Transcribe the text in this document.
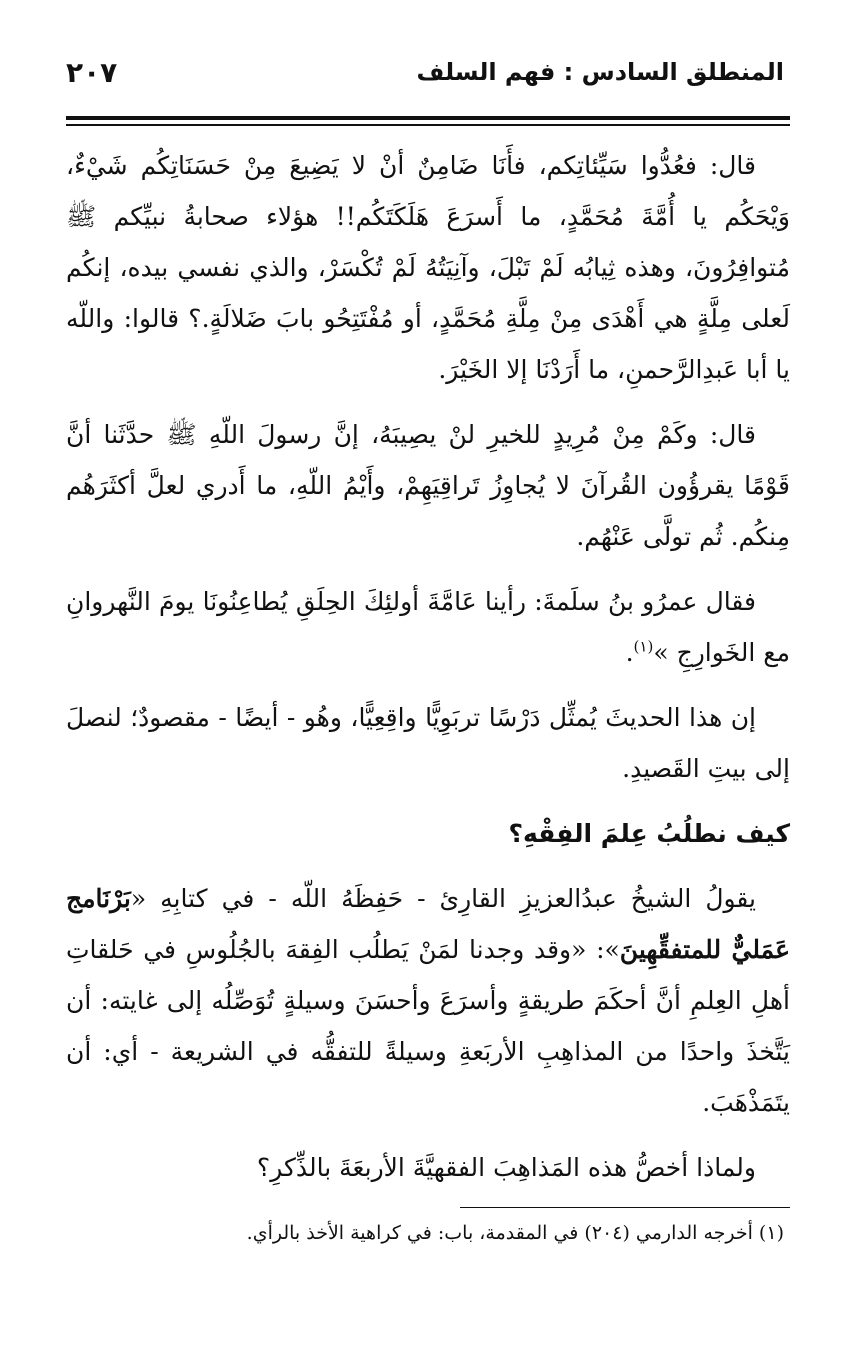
المنطلق السادس : فهم السلف
٢٠٧

قال: فعُدُّوا سَيِّئاتِكم، فأَنَا ضَامِنٌ أنْ لا يَضِيعَ مِنْ حَسَنَاتِكُم شَيْءٌ، وَيْحَكُم يا أُمَّةَ مُحَمَّدٍ، ما أَسرَعَ هَلَكَتَكُم!! هؤلاء صحابةُ نبيِّكم ﷺ مُتوافِرُونَ، وهذه ثِيابُه لَمْ تَبْلَ، وآنِيَتُهُ لَمْ تُكْسَرْ، والذي نفسي بيده، إنكُم لَعلى مِلَّةٍ هي أَهْدَى مِنْ مِلَّةِ مُحَمَّدٍ، أو مُفْتَتِحُو بابَ ضَلالَةٍ.؟ قالوا: واللّه يا أبا عَبدِالرَّحمنِ، ما أَرَدْنَا إلا الخَيْرَ.

قال: وكَمْ مِنْ مُرِيدٍ للخيرِ لنْ يصِيبَهُ، إنَّ رسولَ اللّهِ ﷺ حدَّثَنا أنَّ قَوْمًا يقرؤُون القُرآنَ لا يُجاوِزُ تَراقِيَهِمْ، وأَيْمُ اللّهِ، ما أَدري لعلَّ أكثَرَهُم مِنكُم. ثُم تولَّى عَنْهُم.

فقال عمرُو بنُ سلَمةَ: رأينا عَامَّةَ أولئِكَ الحِلَقِ يُطاعِنُونَا يومَ النَّهروانِ مع الخَوارِجِ »$^{(١)}$.

إن هذا الحديثَ يُمثِّل دَرْسًا تربَوِيًّا واقِعِيًّا، وهُو - أيضًا - مقصودٌ؛ لنصلَ إلى بيتِ القَصيدِ.

كيف نطلُبُ عِلمَ الفِقْهِ؟

يقولُ الشيخُ عبدُالعزيزِ القارِئ - حَفِظَهُ اللّه - في كتابِهِ «بَرْنَامج عَمَليٌّ للمتفقِّهِينَ»: «وقد وجدنا لمَنْ يَطلُب الفِقهَ بالجُلُوسِ في حَلقاتِ أهلِ العِلمِ أنَّ أحكَمَ طريقةٍ وأسرَعَ وأحسَنَ وسيلةٍ تُوَصِّلُه إلى غايته: أن يَتَّخذَ واحدًا من المذاهِبِ الأربَعةِ وسيلةً للتفقُّه في الشريعة - أي: أن يتَمَذْهَبَ.

ولماذا أخصُّ هذه المَذاهِبَ الفقهيَّةَ الأربعَةَ بالذِّكرِ؟

(١) أخرجه الدارمي (٢٠٤) في المقدمة، باب: في كراهية الأخذ بالرأي.
